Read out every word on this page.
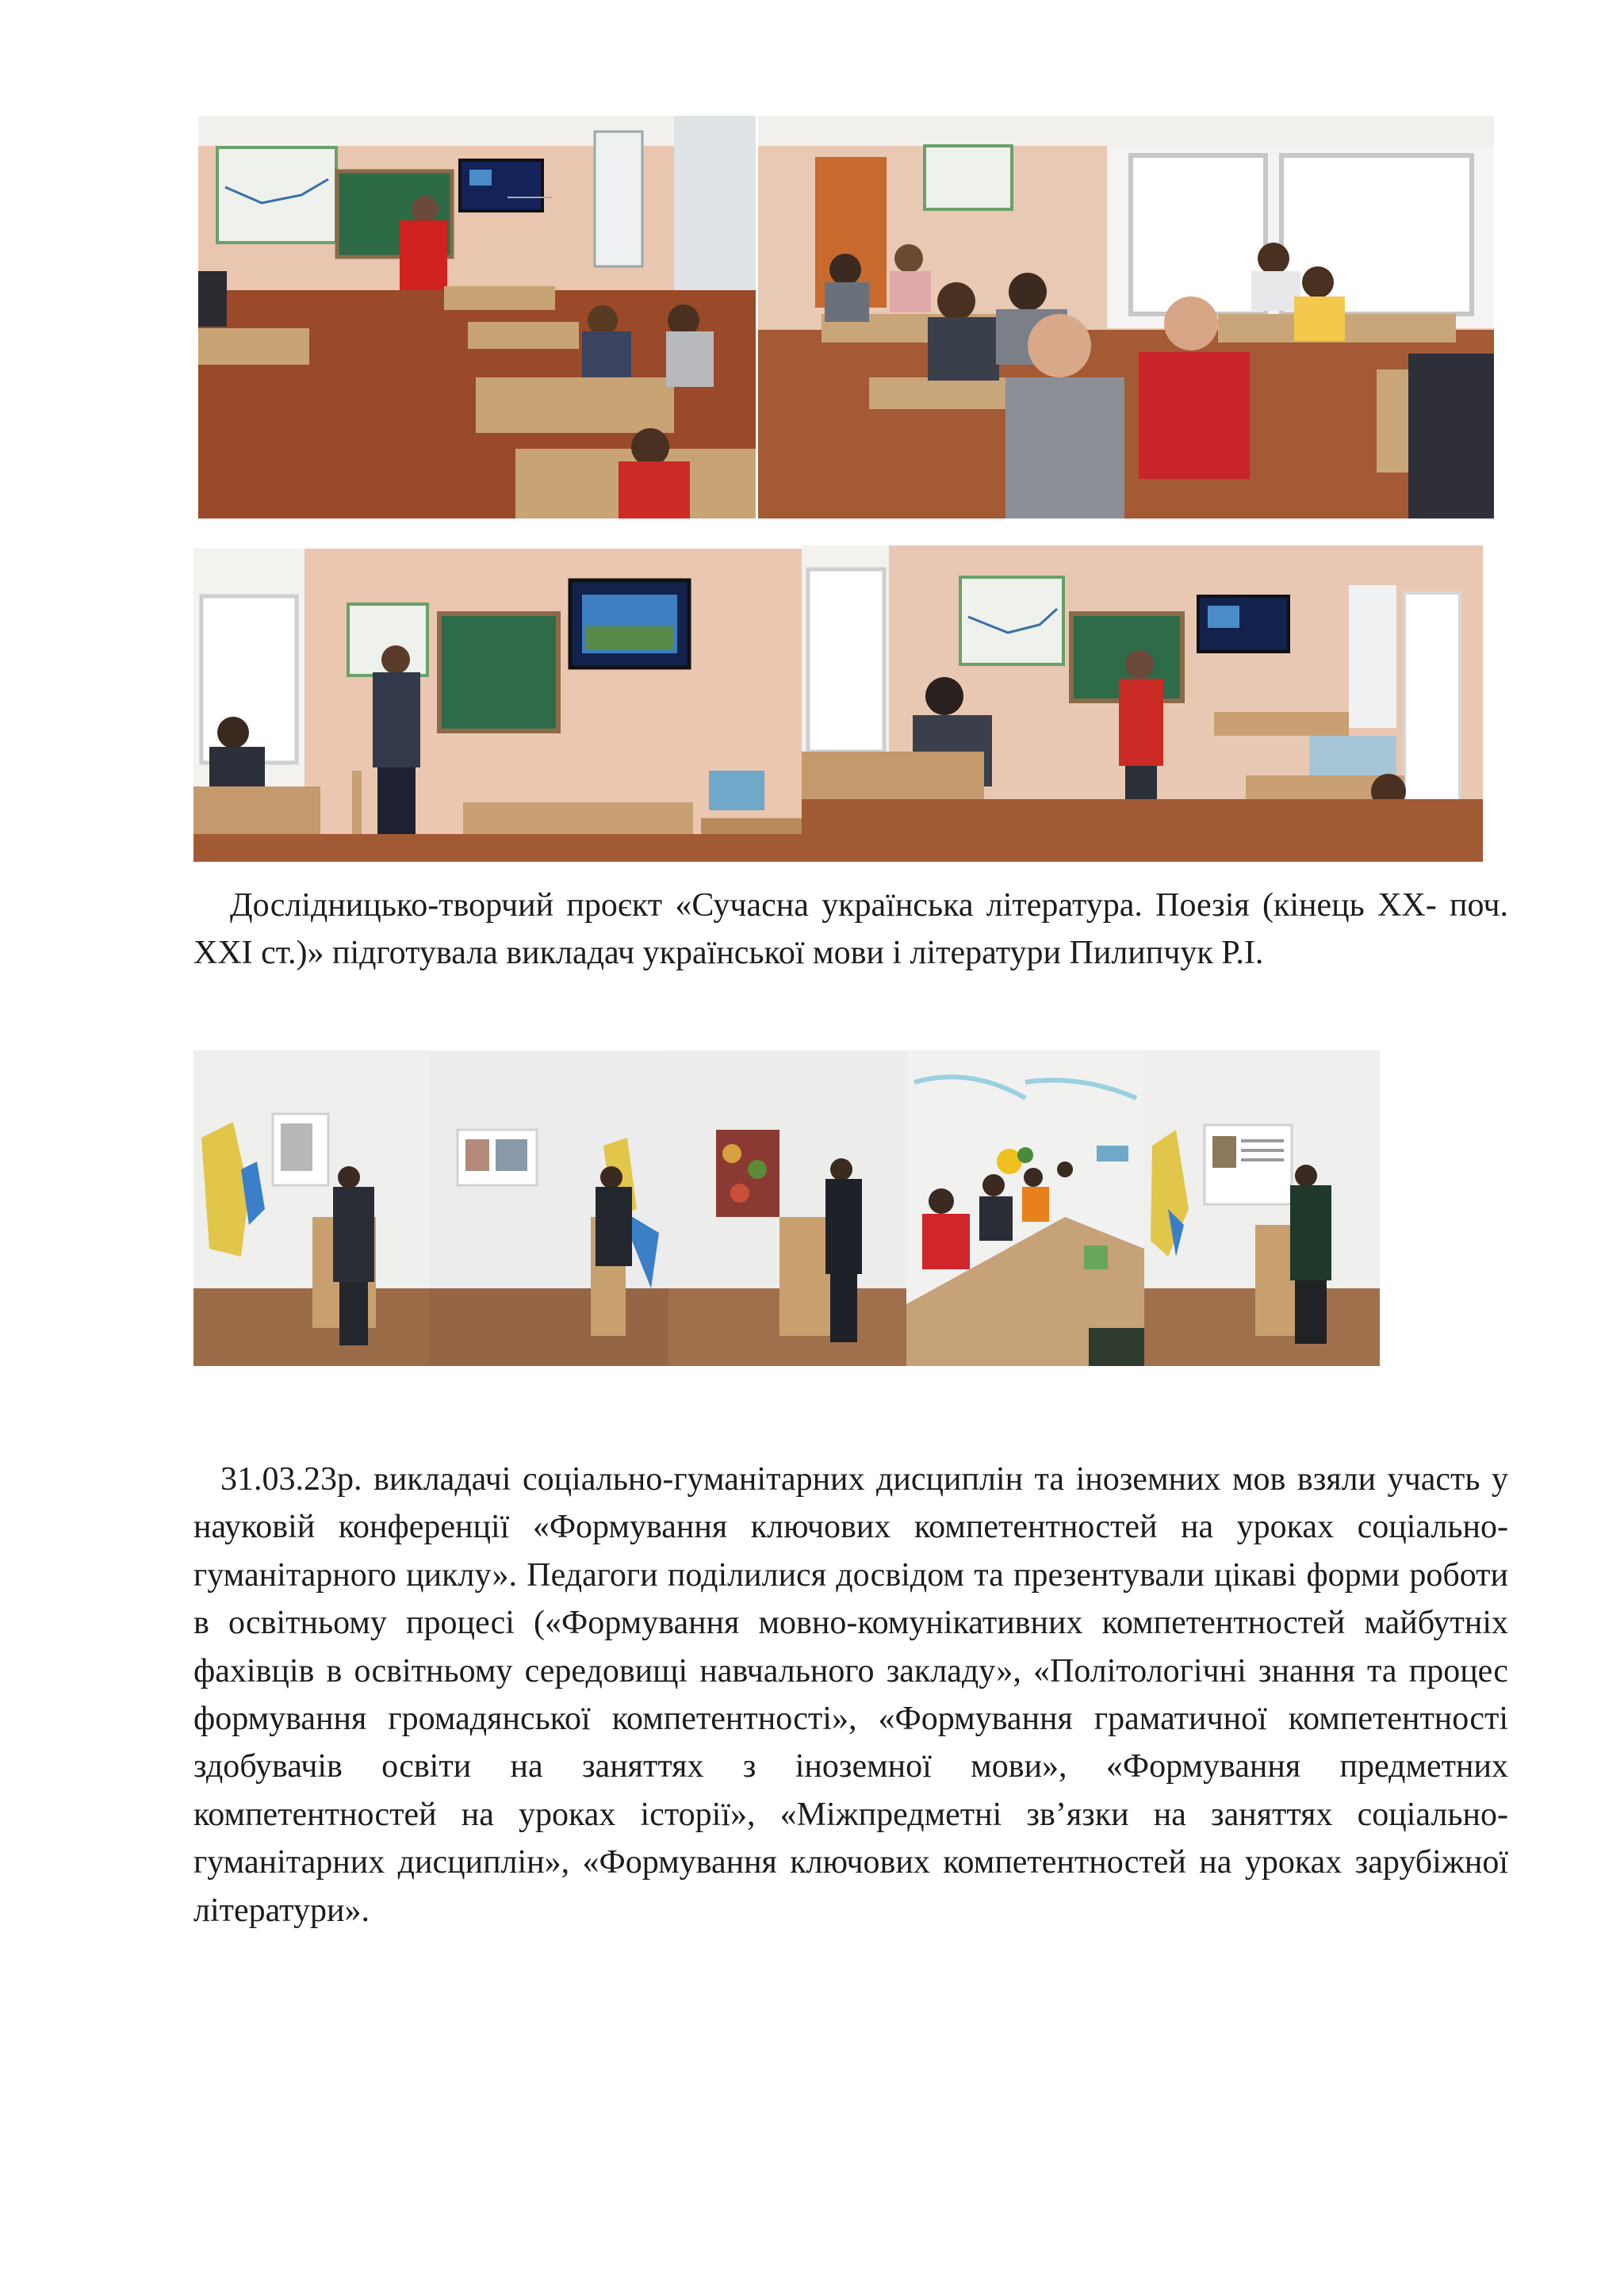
Дослідницько-творчий проєкт «Сучасна українська література. Поезія (кінець ХХ- поч. ХХІ ст.)» підготувала викладач української мови і літератури Пилипчук Р.І.

31.03.23р. викладачі соціально-гуманітарних дисциплін та іноземних мов взяли участь у науковій конференції «Формування ключових компетентностей на уроках соціально-гуманітарного циклу». Педагоги поділилися досвідом та презентували цікаві форми роботи в освітньому процесі («Формування мовно-комунікативних компетентностей майбутніх фахівців в освітньому середовищі навчального закладу», «Політологічні знання та процес формування громадянської компетентності», «Формування граматичної компетентності здобувачів освіти на заняттях з іноземної мови», «Формування предметних компетентностей на уроках історії», «Міжпредметні зв’язки на заняттях соціально-гуманітарних дисциплін», «Формування ключових компетентностей на уроках зарубіжної літератури».
